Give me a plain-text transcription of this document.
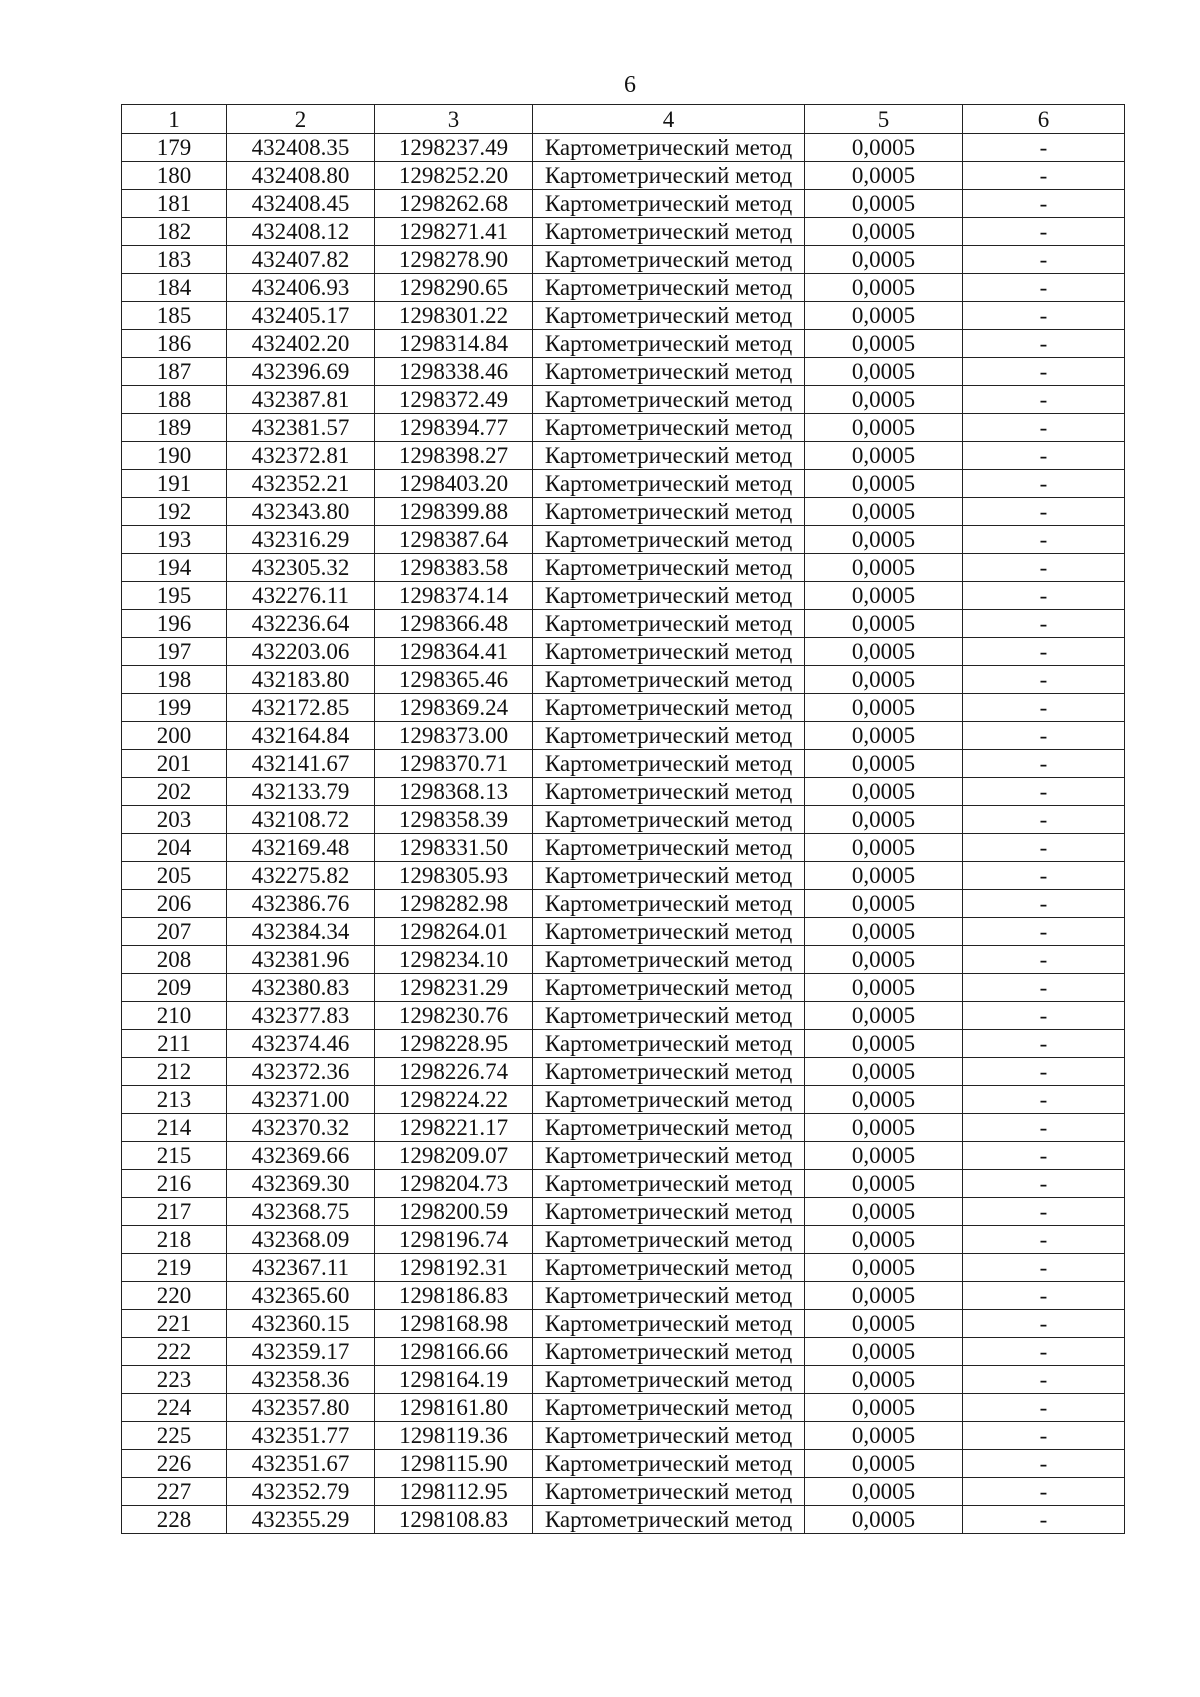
6
1	2	3	4	5	6
179	432408.35	1298237.49	Картометрический метод	0,0005	-
180	432408.80	1298252.20	Картометрический метод	0,0005	-
181	432408.45	1298262.68	Картометрический метод	0,0005	-
182	432408.12	1298271.41	Картометрический метод	0,0005	-
183	432407.82	1298278.90	Картометрический метод	0,0005	-
184	432406.93	1298290.65	Картометрический метод	0,0005	-
185	432405.17	1298301.22	Картометрический метод	0,0005	-
186	432402.20	1298314.84	Картометрический метод	0,0005	-
187	432396.69	1298338.46	Картометрический метод	0,0005	-
188	432387.81	1298372.49	Картометрический метод	0,0005	-
189	432381.57	1298394.77	Картометрический метод	0,0005	-
190	432372.81	1298398.27	Картометрический метод	0,0005	-
191	432352.21	1298403.20	Картометрический метод	0,0005	-
192	432343.80	1298399.88	Картометрический метод	0,0005	-
193	432316.29	1298387.64	Картометрический метод	0,0005	-
194	432305.32	1298383.58	Картометрический метод	0,0005	-
195	432276.11	1298374.14	Картометрический метод	0,0005	-
196	432236.64	1298366.48	Картометрический метод	0,0005	-
197	432203.06	1298364.41	Картометрический метод	0,0005	-
198	432183.80	1298365.46	Картометрический метод	0,0005	-
199	432172.85	1298369.24	Картометрический метод	0,0005	-
200	432164.84	1298373.00	Картометрический метод	0,0005	-
201	432141.67	1298370.71	Картометрический метод	0,0005	-
202	432133.79	1298368.13	Картометрический метод	0,0005	-
203	432108.72	1298358.39	Картометрический метод	0,0005	-
204	432169.48	1298331.50	Картометрический метод	0,0005	-
205	432275.82	1298305.93	Картометрический метод	0,0005	-
206	432386.76	1298282.98	Картометрический метод	0,0005	-
207	432384.34	1298264.01	Картометрический метод	0,0005	-
208	432381.96	1298234.10	Картометрический метод	0,0005	-
209	432380.83	1298231.29	Картометрический метод	0,0005	-
210	432377.83	1298230.76	Картометрический метод	0,0005	-
211	432374.46	1298228.95	Картометрический метод	0,0005	-
212	432372.36	1298226.74	Картометрический метод	0,0005	-
213	432371.00	1298224.22	Картометрический метод	0,0005	-
214	432370.32	1298221.17	Картометрический метод	0,0005	-
215	432369.66	1298209.07	Картометрический метод	0,0005	-
216	432369.30	1298204.73	Картометрический метод	0,0005	-
217	432368.75	1298200.59	Картометрический метод	0,0005	-
218	432368.09	1298196.74	Картометрический метод	0,0005	-
219	432367.11	1298192.31	Картометрический метод	0,0005	-
220	432365.60	1298186.83	Картометрический метод	0,0005	-
221	432360.15	1298168.98	Картометрический метод	0,0005	-
222	432359.17	1298166.66	Картометрический метод	0,0005	-
223	432358.36	1298164.19	Картометрический метод	0,0005	-
224	432357.80	1298161.80	Картометрический метод	0,0005	-
225	432351.77	1298119.36	Картометрический метод	0,0005	-
226	432351.67	1298115.90	Картометрический метод	0,0005	-
227	432352.79	1298112.95	Картометрический метод	0,0005	-
228	432355.29	1298108.83	Картометрический метод	0,0005	-
